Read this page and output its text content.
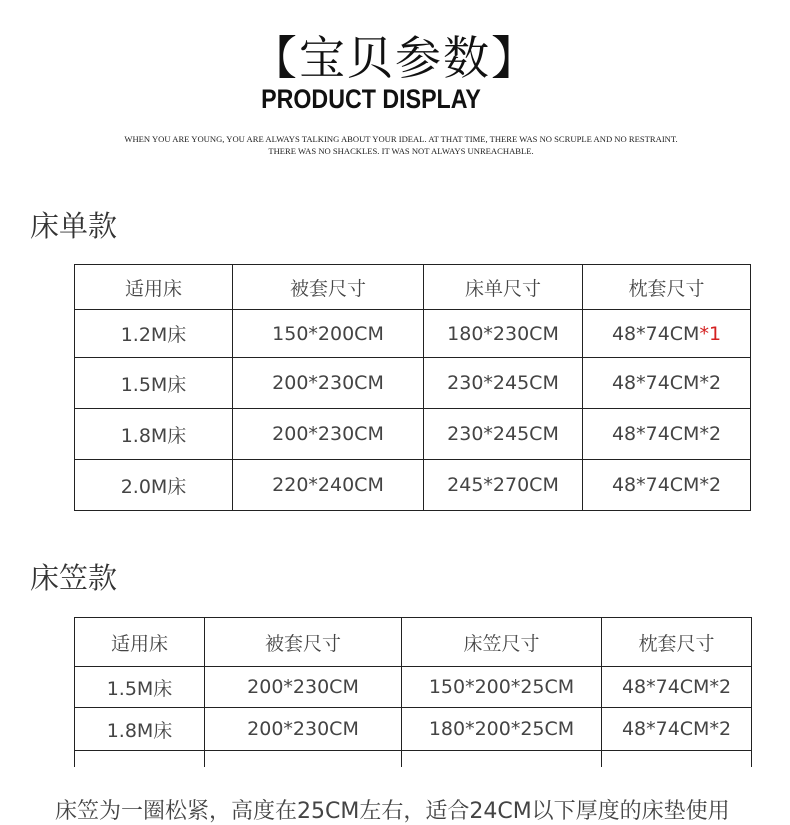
【宝贝参数】
PRODUCT DISPLAY
WHEN YOU ARE YOUNG, YOU ARE ALWAYS TALKING ABOUT YOUR IDEAL. AT THAT TIME, THERE WAS NO SCRUPLE AND NO RESTRAINT.
THERE WAS NO SHACKLES. IT WAS NOT ALWAYS UNREACHABLE.
床单款
适用床	被套尺寸	床单尺寸	枕套尺寸
1.2M床	150*200CM	180*230CM	48*74CM*1
1.5M床	200*230CM	230*245CM	48*74CM*2
1.8M床	200*230CM	230*245CM	48*74CM*2
2.0M床	220*240CM	245*270CM	48*74CM*2
床笠款
适用床	被套尺寸	床笠尺寸	枕套尺寸
1.5M床	200*230CM	150*200*25CM	48*74CM*2
1.8M床	200*230CM	180*200*25CM	48*74CM*2

床笠为一圈松紧，高度在25CM左右，适合24CM以下厚度的床垫使用
